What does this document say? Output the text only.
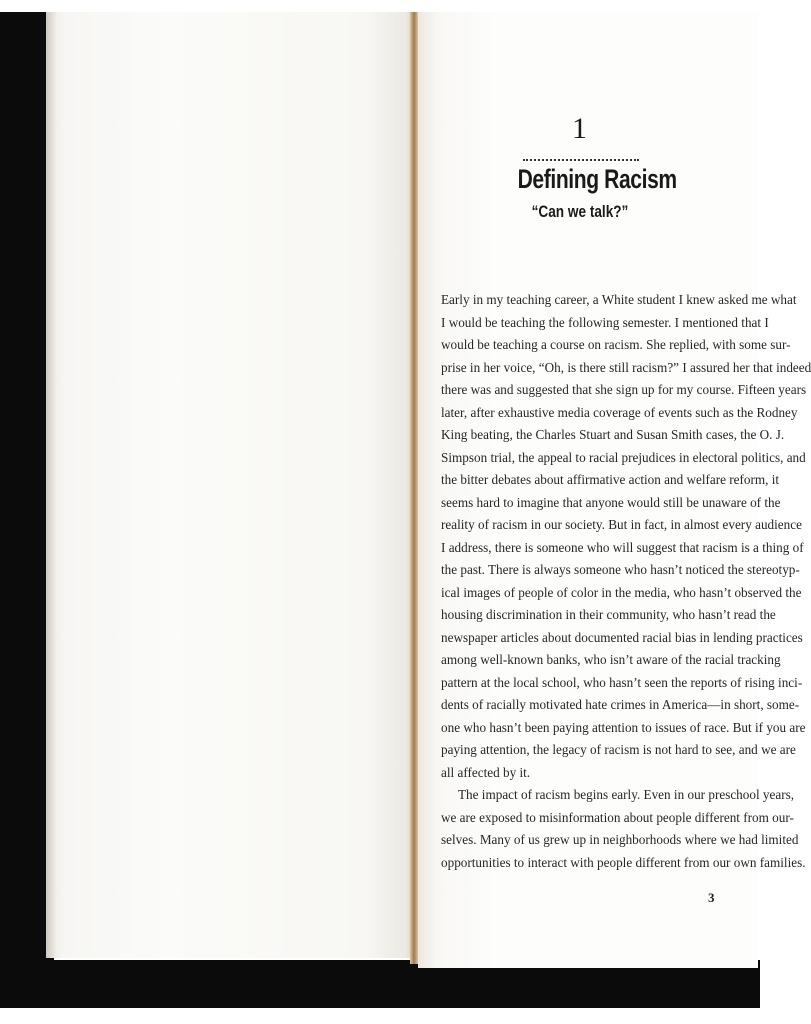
1
Defining Racism
“Can we talk?”
Early in my teaching career, a White student I knew asked me what
I would be teaching the following semester. I mentioned that I
would be teaching a course on racism. She replied, with some sur-
prise in her voice, “Oh, is there still racism?” I assured her that indeed
there was and suggested that she sign up for my course. Fifteen years
later, after exhaustive media coverage of events such as the Rodney
King beating, the Charles Stuart and Susan Smith cases, the O. J.
Simpson trial, the appeal to racial prejudices in electoral politics, and
the bitter debates about affirmative action and welfare reform, it
seems hard to imagine that anyone would still be unaware of the
reality of racism in our society. But in fact, in almost every audience
I address, there is someone who will suggest that racism is a thing of
the past. There is always someone who hasn’t noticed the stereotyp-
ical images of people of color in the media, who hasn’t observed the
housing discrimination in their community, who hasn’t read the
newspaper articles about documented racial bias in lending practices
among well-known banks, who isn’t aware of the racial tracking
pattern at the local school, who hasn’t seen the reports of rising inci-
dents of racially motivated hate crimes in America—in short, some-
one who hasn’t been paying attention to issues of race. But if you are
paying attention, the legacy of racism is not hard to see, and we are
all affected by it.
The impact of racism begins early. Even in our preschool years,
we are exposed to misinformation about people different from our-
selves. Many of us grew up in neighborhoods where we had limited
opportunities to interact with people different from our own families.
3
